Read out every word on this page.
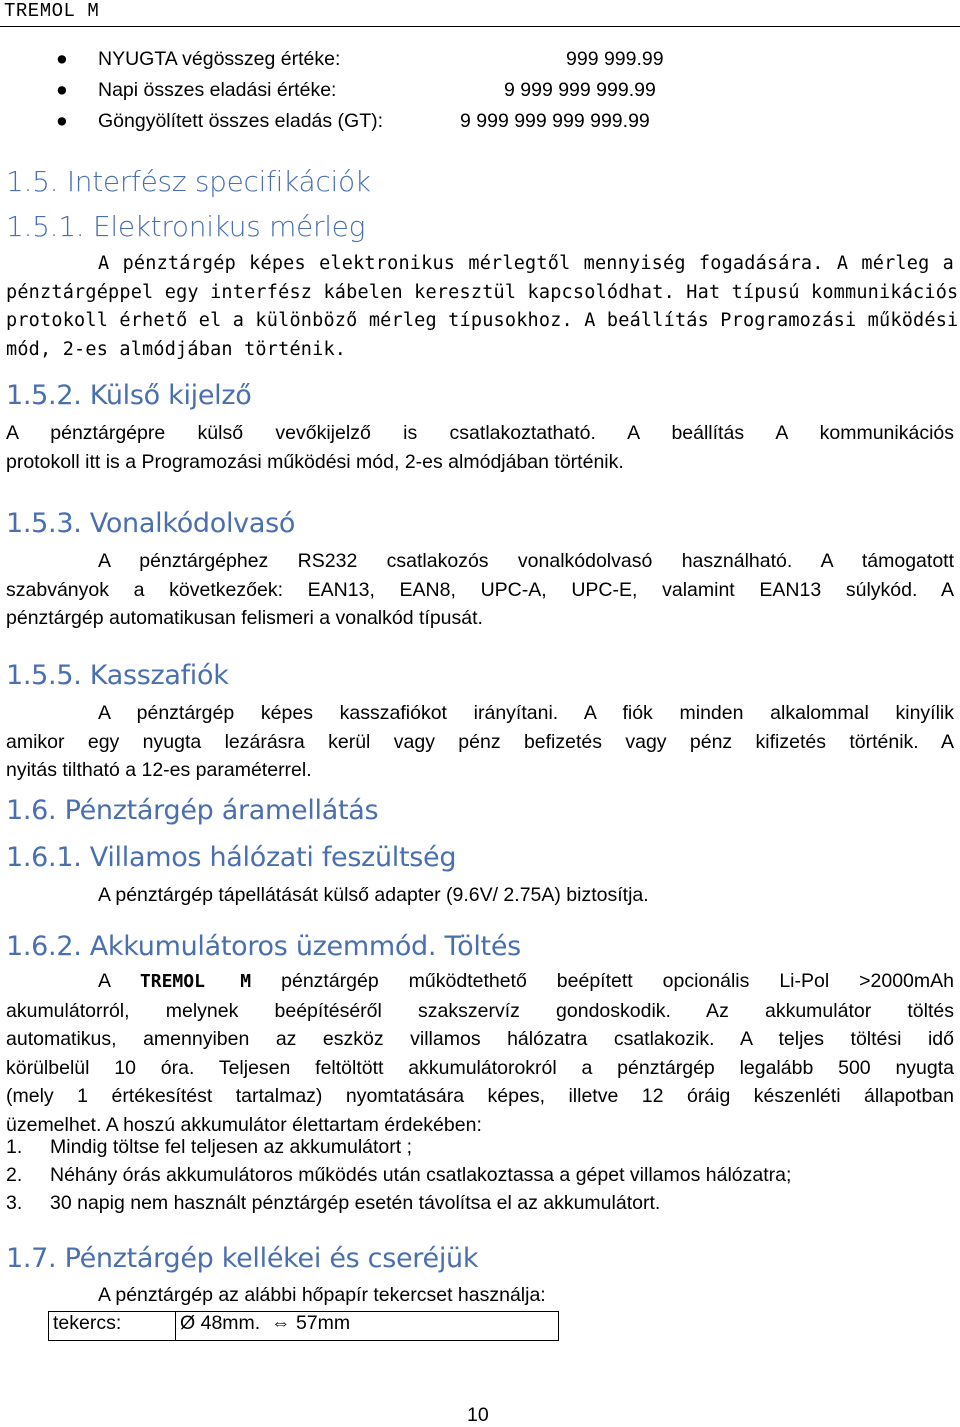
TREMOL M
● NYUGTA végösszeg értéke:	999 999.99
● Napi összes eladási értéke:	9 999 999 999.99
● Göngyölített összes eladás (GT):	9 999 999 999 999.99
1.5. Interfész specifikációk
1.5.1. Elektronikus mérleg
A pénztárgép képes elektronikus mérlegtől mennyiség fogadására. A mérleg a
pénztárgéppel egy interfész kábelen keresztül kapcsolódhat. Hat típusú kommunikációs
protokoll érhető el a különböző mérleg típusokhoz. A beállítás Programozási működési
mód, 2-es almódjában történik.
1.5.2. Külső kijelző
A pénztárgépre külső vevőkijelző is csatlakoztatható. A beállítás A kommunikációs
protokoll itt is a Programozási működési mód, 2-es almódjában történik.
1.5.3. Vonalkódolvasó
A pénztárgéphez RS232 csatlakozós vonalkódolvasó használható. A támogatott
szabványok a következőek: EAN13, EAN8, UPC-A, UPC-E, valamint EAN13 súlykód. A
pénztárgép automatikusan felismeri a vonalkód típusát.
1.5.5. Kasszafiók
A pénztárgép képes kasszafiókot irányítani. A fiók minden alkalommal kinyílik
amikor egy nyugta lezárásra kerül vagy pénz befizetés vagy pénz kifizetés történik. A
nyitás tiltható a 12-es paraméterrel.
1.6. Pénztárgép áramellátás
1.6.1. Villamos hálózati feszültség
A pénztárgép tápellátását külső adapter (9.6V/ 2.75A) biztosítja.
1.6.2. Akkumulátoros üzemmód. Töltés
A TREMOL M pénztárgép működtethető beépített opcionális Li-Pol >2000mAh
akumulátorról, melynek beépítéséről szakszervíz gondoskodik. Az akkumulátor töltés
automatikus, amennyiben az eszköz villamos hálózatra csatlakozik. A teljes töltési idő
körülbelül 10 óra. Teljesen feltöltött akkumulátorokról a pénztárgép legalább 500 nyugta
(mely 1 értékesítést tartalmaz) nyomtatására képes, illetve 12 óráig készenléti állapotban
üzemelhet. A hoszú akkumulátor élettartam érdekében:
1. Mindig töltse fel teljesen az akkumulátort ;
2. Néhány órás akkumulátoros működés után csatlakoztassa a gépet villamos hálózatra;
3. 30 napig nem használt pénztárgép esetén távolítsa el az akkumulátort.
1.7. Pénztárgép kellékei és cseréjük
A pénztárgép az alábbi hőpapír tekercset használja:
tekercs:	Ø 48mm. ⇔ 57mm
10
